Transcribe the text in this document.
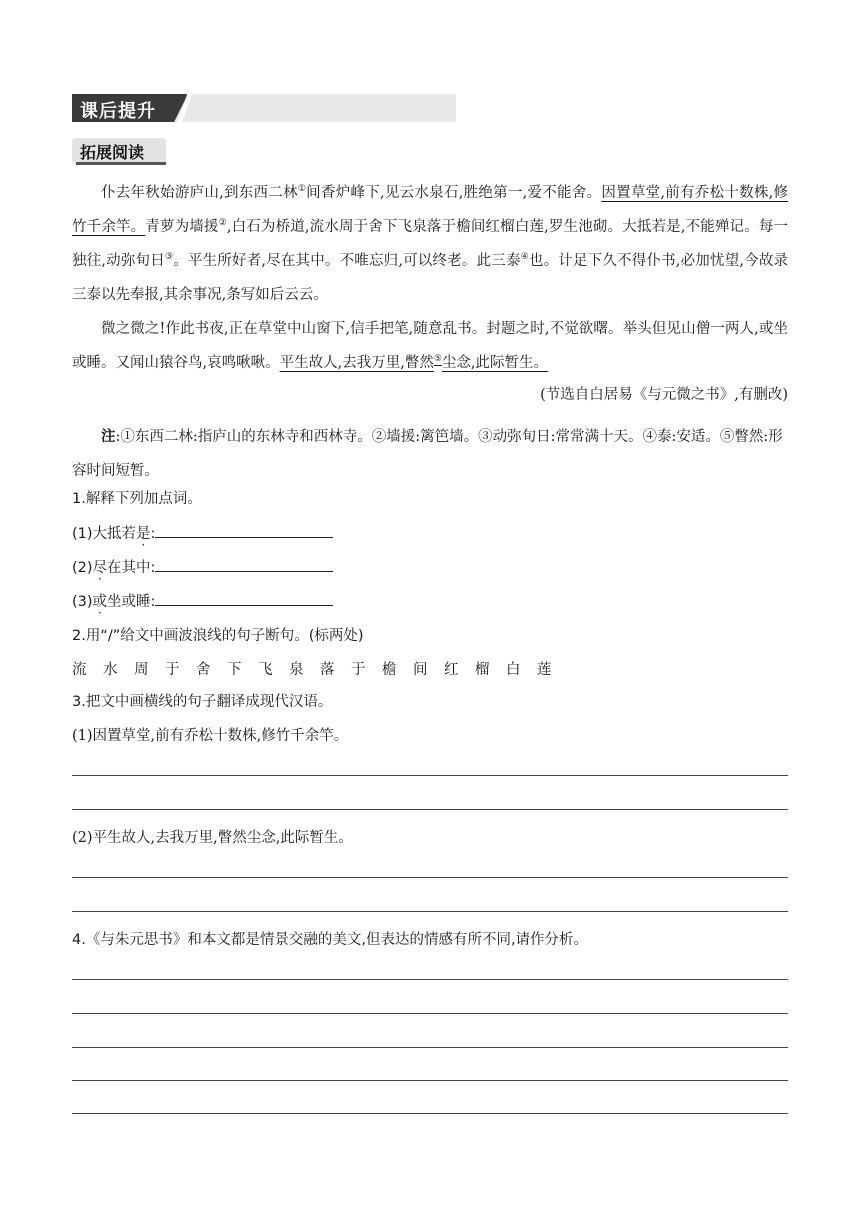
课后提升
拓展阅读

仆去年秋始游庐山,到东西二林①间香炉峰下,见云水泉石,胜绝第一,爱不能舍。因置草堂,前有乔松十数株,修竹千余竿。青萝为墙援②,白石为桥道,流水周于舍下飞泉落于檐间红榴白莲,罗生池砌。大抵若是,不能殚记。每一独往,动弥旬日③。平生所好者,尽在其中。不唯忘归,可以终老。此三泰④也。计足下久不得仆书,必加忧望,今故录三泰以先奉报,其余事况,条写如后云云。

微之微之!作此书夜,正在草堂中山窗下,信手把笔,随意乱书。封题之时,不觉欲曙。举头但见山僧一两人,或坐或睡。又闻山猿谷鸟,哀鸣啾啾。平生故人,去我万里,瞥然⑤尘念,此际暂生。

(节选自白居易《与元微之书》,有删改)

注:①东西二林:指庐山的东林寺和西林寺。②墙援:篱笆墙。③动弥旬日:常常满十天。④泰:安适。⑤瞥然:形容时间短暂。

1.解释下列加点词。
(1)大抵若是:
(2)尽在其中:
(3)或坐或睡:
2.用“/”给文中画波浪线的句子断句。(标两处)
流 水 周 于 舍 下 飞 泉 落 于 檐 间 红 榴 白 莲
3.把文中画横线的句子翻译成现代汉语。
(1)因置草堂,前有乔松十数株,修竹千余竿。
(2)平生故人,去我万里,瞥然尘念,此际暂生。
4.《与朱元思书》和本文都是情景交融的美文,但表达的情感有所不同,请作分析。
